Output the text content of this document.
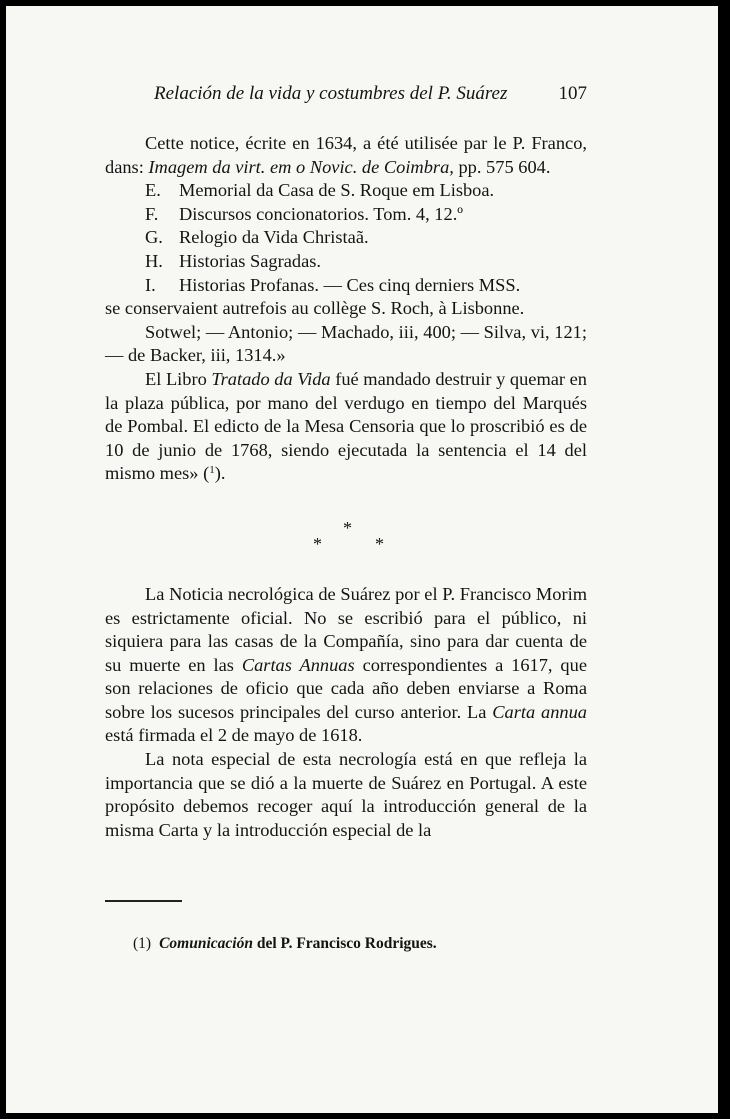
Relación de la vida y costumbres del P. Suárez	107

Cette notice, écrite en 1634, a été utilisée par le P. Franco, dans: Imagem da virt. em o Novic. de Coimbra, pp. 575 604.

E. Memorial da Casa de S. Roque em Lisboa.
F.	Discursos concionatorios. Tom. 4, 12.º
G. Relogio da Vida Christaã.
H. Historias Sagradas.
I.	Historias Profanas. — Ces cinq derniers MSS.

se conservaient autrefois au collège S. Roch, à Lisbonne.

Sotwel; — Antonio; — Machado, iii, 400; — Silva, vi, 121; — de Backer, iii, 1314.»

El Libro Tratado da Vida fué mandado destruir y quemar en la plaza pública, por mano del verdugo en tiempo del Marqués de Pombal. El edicto de la Mesa Censoria que lo proscribió es de 10 de junio de 1768, siendo ejecutada la sentencia el 14 del mismo mes» ($^1$).

*
*
*

La Noticia necrológica de Suárez por el P. Francisco Morim es estrictamente oficial. No se escribió para el público, ni siquiera para las casas de la Compañía, sino para dar cuenta de su muerte en las Cartas Annuas correspondientes a 1617, que son relaciones de oficio que cada año deben enviarse a Roma sobre los sucesos principales del curso anterior. La Carta annua está firmada el 2 de mayo de 1618.

La nota especial de esta necrología está en que refleja la importancia que se dió a la muerte de Suárez en Portugal. A este propósito debemos recoger aquí la introducción general de la misma Carta y la introducción especial de la

(1) Comunicación del P. Francisco Rodrigues.
